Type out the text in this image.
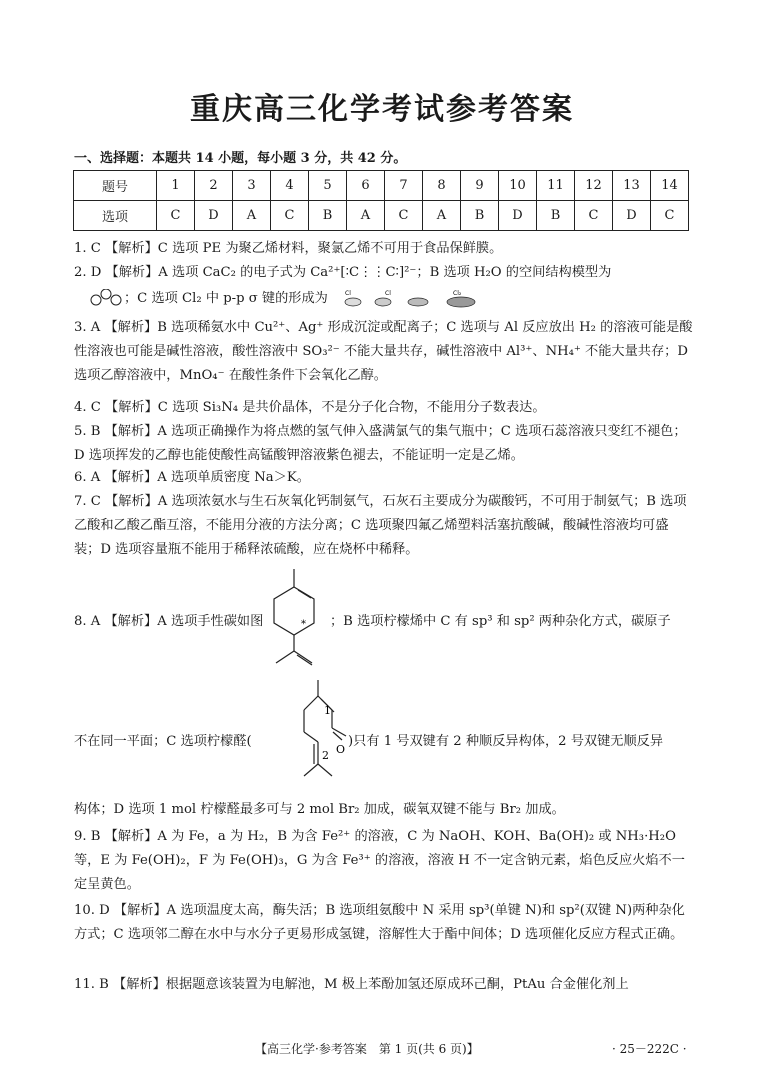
重庆高三化学考试参考答案
一、选择题：本题共 14 小题，每小题 3 分，共 42 分。
题号	1	2	3	4	5	6	7	8	9	10	11	12	13	14
选项	C	D	A	C	B	A	C	A	B	D	B	C	D	C
1. C 【解析】C 选项 PE 为聚乙烯材料，聚氯乙烯不可用于食品保鲜膜。
2. D 【解析】A 选项 CaC₂ 的电子式为 Ca²⁺[∶C⋮⋮C∶]²⁻；B 选项 H₂O 的空间结构模型为
；C 选项 Cl₂ 中 p-p σ 键的形成为	Cl	Cl	Cl₂
3. A 【解析】B 选项稀氨水中 Cu²⁺、Ag⁺ 形成沉淀或配离子；C 选项与 Al 反应放出 H₂ 的溶液可能是酸性溶液也可能是碱性溶液，酸性溶液中 SO₃²⁻ 不能大量共存，碱性溶液中 Al³⁺、NH₄⁺ 不能大量共存；D 选项乙醇溶液中，MnO₄⁻ 在酸性条件下会氧化乙醇。
4. C 【解析】C 选项 Si₃N₄ 是共价晶体，不是分子化合物，不能用分子数表达。
5. B 【解析】A 选项正确操作为将点燃的氢气伸入盛满氯气的集气瓶中；C 选项石蕊溶液只变红不褪色；D 选项挥发的乙醇也能使酸性高锰酸钾溶液紫色褪去，不能证明一定是乙烯。
6. A 【解析】A 选项单质密度 Na＞K。
7. C 【解析】A 选项浓氨水与生石灰氧化钙制氨气，石灰石主要成分为碳酸钙，不可用于制氨气；B 选项乙酸和乙酸乙酯互溶，不能用分液的方法分离；C 选项聚四氟乙烯塑料活塞抗酸碱，酸碱性溶液均可盛装；D 选项容量瓶不能用于稀释浓硫酸，应在烧杯中稀释。
8. A 【解析】A 选项手性碳如图	* ；B 选项柠檬烯中 C 有 sp³ 和 sp² 两种杂化方式，碳原子
不在同一平面；C 选项柠檬醛(
1
2 O
)只有 1 号双键有 2 种顺反异构体，2 号双键无顺反异
构体；D 选项 1 mol 柠檬醛最多可与 2 mol Br₂ 加成，碳氧双键不能与 Br₂ 加成。
9. B 【解析】A 为 Fe，a 为 H₂，B 为含 Fe²⁺ 的溶液，C 为 NaOH、KOH、Ba(OH)₂ 或 NH₃·H₂O 等，E 为 Fe(OH)₂，F 为 Fe(OH)₃，G 为含 Fe³⁺ 的溶液，溶液 H 不一定含钠元素，焰色反应火焰不一定呈黄色。
10. D 【解析】A 选项温度太高，酶失活；B 选项组氨酸中 N 采用 sp³(单键 N)和 sp²(双键 N)两种杂化方式；C 选项邻二醇在水中与水分子更易形成氢键，溶解性大于酯中间体；D 选项催化反应方程式正确。
11. B 【解析】根据题意该装置为电解池，M 极上苯酚加氢还原成环己酮，PtAu 合金催化剂上
【高三化学·参考答案　第 1 页(共 6 页)】	· 25－222C ·
